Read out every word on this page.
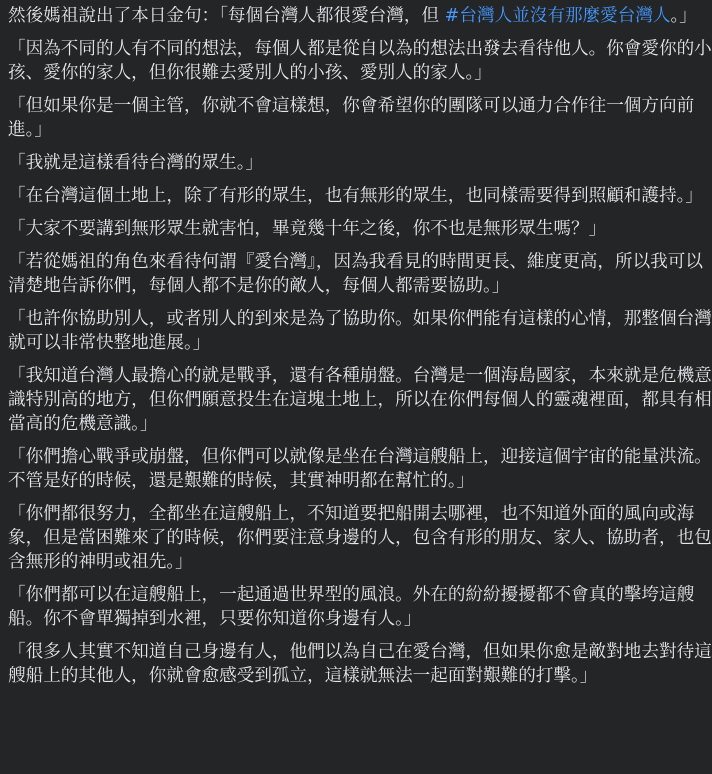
然後媽祖說出了本日金句：「每個台灣人都很愛台灣，但 #台灣人並沒有那麼愛台灣人。」

「因為不同的人有不同的想法，每個人都是從自以為的想法出發去看待他人。你會愛你的小孩、愛你的家人，但你很難去愛別人的小孩、愛別人的家人。」

「但如果你是一個主管，你就不會這樣想，你會希望你的團隊可以通力合作往一個方向前進。」

「我就是這樣看待台灣的眾生。」

「在台灣這個土地上，除了有形的眾生，也有無形的眾生，也同樣需要得到照顧和護持。」

「大家不要講到無形眾生就害怕，畢竟幾十年之後，你不也是無形眾生嗎？」

「若從媽祖的角色來看待何謂『愛台灣』，因為我看見的時間更長、維度更高，所以我可以清楚地告訴你們，每個人都不是你的敵人，每個人都需要協助。」

「也許你協助別人，或者別人的到來是為了協助你。如果你們能有這樣的心情，那整個台灣就可以非常快整地進展。」

「我知道台灣人最擔心的就是戰爭，還有各種崩盤。台灣是一個海島國家，本來就是危機意識特別高的地方，但你們願意投生在這塊土地上，所以在你們每個人的靈魂裡面，都具有相當高的危機意識。」

「你們擔心戰爭或崩盤，但你們可以就像是坐在台灣這艘船上，迎接這個宇宙的能量洪流。不管是好的時候，還是艱難的時候，其實神明都在幫忙的。」

「你們都很努力，全都坐在這艘船上，不知道要把船開去哪裡，也不知道外面的風向或海象，但是當困難來了的時候，你們要注意身邊的人，包含有形的朋友、家人、協助者，也包含無形的神明或祖先。」

「你們都可以在這艘船上，一起通過世界型的風浪。外在的紛紛擾擾都不會真的擊垮這艘船。你不會單獨掉到水裡，只要你知道你身邊有人。」

「很多人其實不知道自己身邊有人，他們以為自己在愛台灣，但如果你愈是敵對地去對待這艘船上的其他人，你就會愈感受到孤立，這樣就無法一起面對艱難的打擊。」
